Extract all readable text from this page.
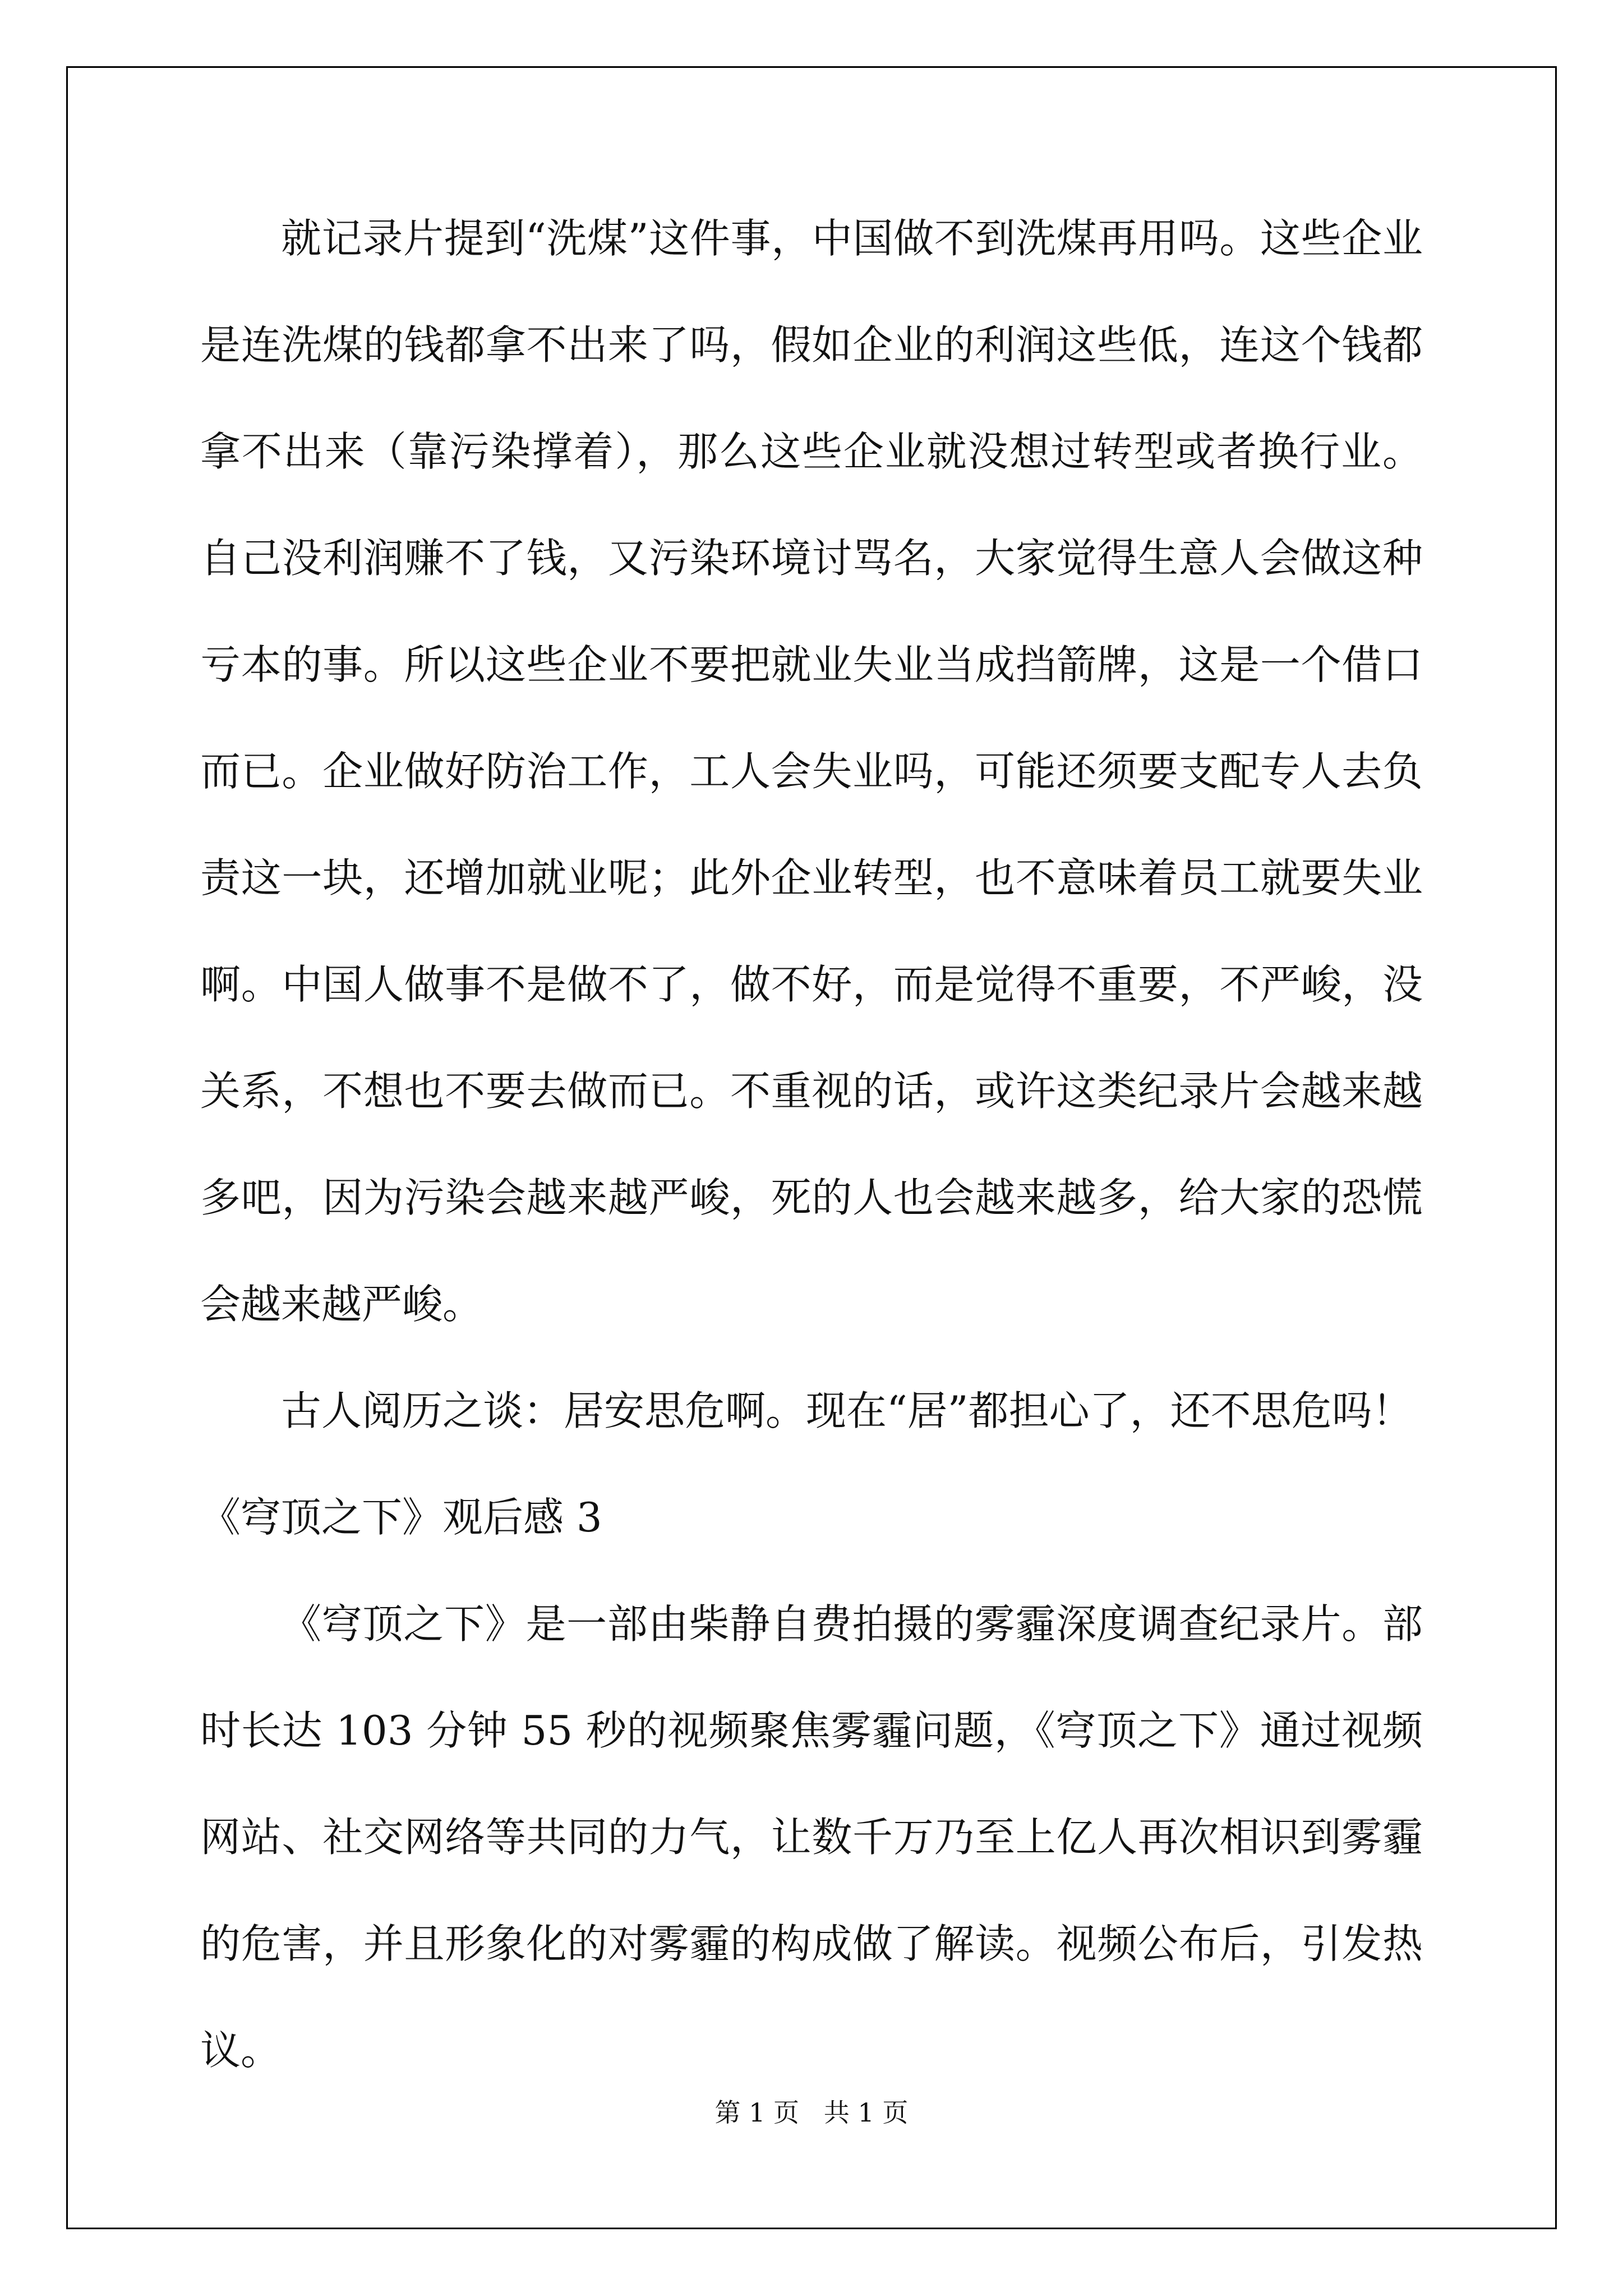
就记录片提到“洗煤”这件事，中国做不到洗煤再用吗。这些企业是连洗煤的钱都拿不出来了吗，假如企业的利润这些低，连这个钱都拿不出来（靠污染撑着），那么这些企业就没想过转型或者换行业。自己没利润赚不了钱，又污染环境讨骂名，大家觉得生意人会做这种亏本的事。所以这些企业不要把就业失业当成挡箭牌，这是一个借口而已。企业做好防治工作，工人会失业吗，可能还须要支配专人去负责这一块，还增加就业呢；此外企业转型，也不意味着员工就要失业啊。中国人做事不是做不了，做不好，而是觉得不重要，不严峻，没关系，不想也不要去做而已。不重视的话，或许这类纪录片会越来越多吧，因为污染会越来越严峻，死的人也会越来越多，给大家的恐慌会越来越严峻。

古人阅历之谈：居安思危啊。现在“居”都担心了，还不思危吗！

《穹顶之下》观后感 3

《穹顶之下》是一部由柴静自费拍摄的雾霾深度调查纪录片。部时长达 103 分钟 55 秒的视频聚焦雾霾问题，《穹顶之下》通过视频网站、社交网络等共同的力气，让数千万乃至上亿人再次相识到雾霾的危害，并且形象化的对雾霾的构成做了解读。视频公布后，引发热议。

第 1 页   共 1 页
